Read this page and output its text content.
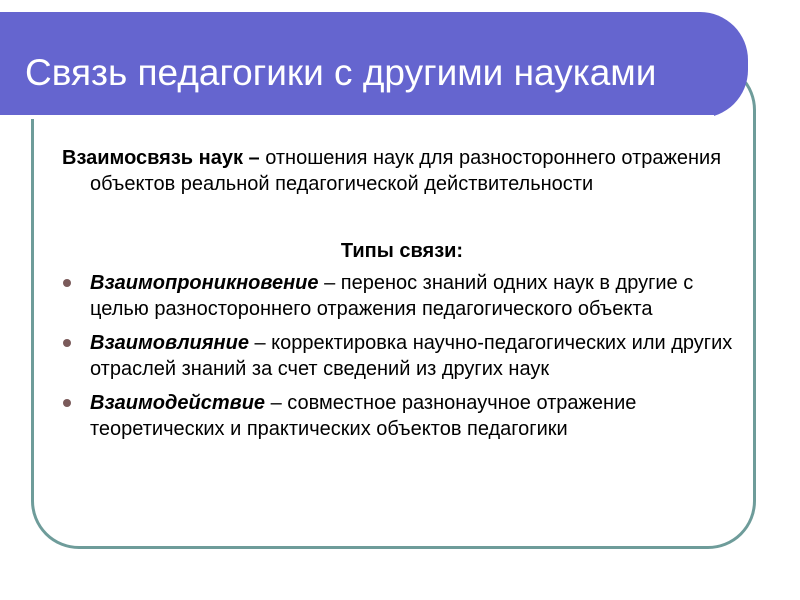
Связь педагогики с другими науками

Взаимосвязь наук – отношения наук для разностороннего отражения объектов реальной педагогической действительности

Типы связи:
Взаимопроникновение – перенос знаний одних наук в другие с целью разностороннего отражения педагогического объекта
Взаимовлияние – корректировка научно-педагогических или других отраслей знаний за счет сведений из других наук
Взаимодействие – совместное разнонаучное отражение теоретических и практических объектов педагогики
